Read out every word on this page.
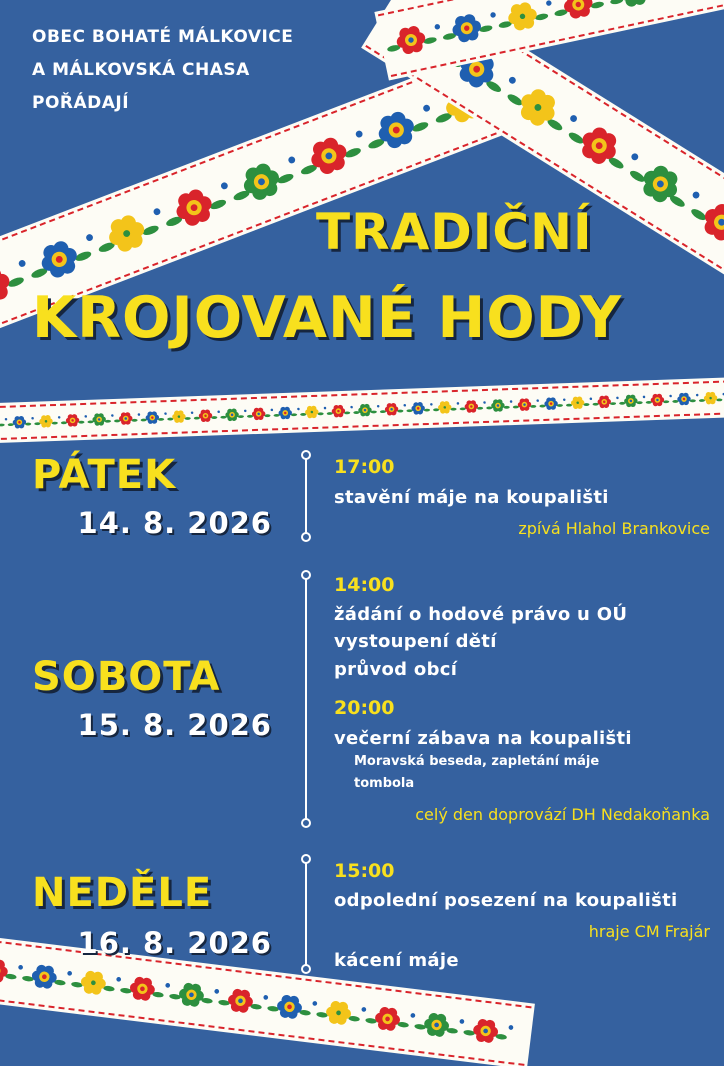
OBEC BOHATÉ MÁLKOVICE
A MÁLKOVSKÁ CHASA
POŘÁDAJÍ
TRADIČNÍ
KROJOVANÉ HODY
PÁTEK
14. 8. 2026
17:00
stavění máje na koupališti
zpívá Hlahol Brankovice
SOBOTA
15. 8. 2026
14:00
žádání o hodové právo u OÚ
vystoupení dětí
průvod obcí
20:00
večerní zábava na koupališti
Moravská beseda, zapletání máje
tombola
celý den doprovází DH Nedakoňanka
NEDĚLE
16. 8. 2026
15:00
odpolední posezení na koupališti
hraje CM Frajár
kácení máje
